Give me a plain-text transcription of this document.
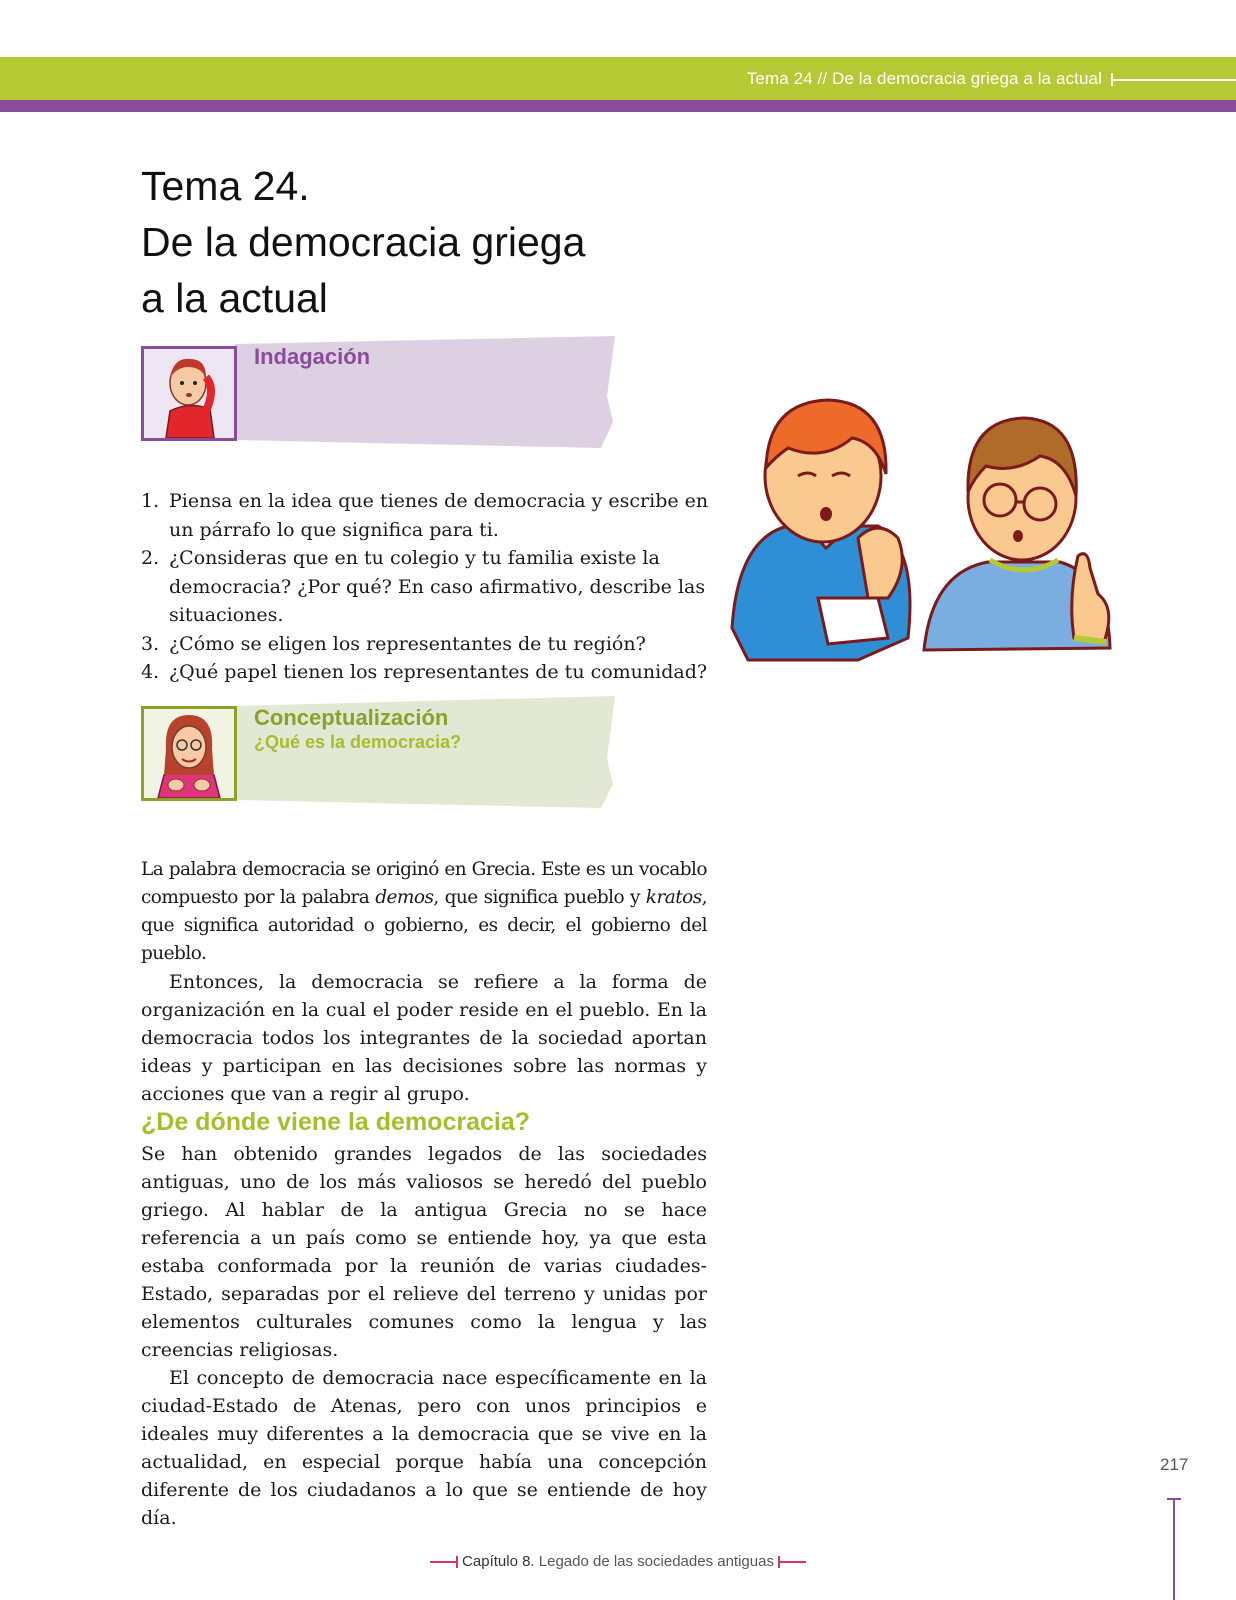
Tema 24 // De la democracia griega a la actual
Tema 24.
De la democracia griega
a la actual
Indagación
1. Piensa en la idea que tienes de democracia y escribe en un párrafo lo que significa para ti.
2. ¿Consideras que en tu colegio y tu familia existe la democracia? ¿Por qué? En caso afirmativo, describe las situaciones.
3. ¿Cómo se eligen los representantes de tu región?
4. ¿Qué papel tienen los representantes de tu comunidad?
Conceptualización
¿Qué es la democracia?

La palabra democracia se originó en Grecia. Este es un vocablo compuesto por la palabra demos, que significa pueblo y kratos, que significa autoridad o gobierno, es decir, el gobierno del pueblo.

Entonces, la democracia se refiere a la forma de organización en la cual el poder reside en el pueblo. En la democracia todos los integrantes de la sociedad aportan ideas y participan en las decisiones sobre las normas y acciones que van a regir al grupo.

¿De dónde viene la democracia?

Se han obtenido grandes legados de las sociedades antiguas, uno de los más valiosos se heredó del pueblo griego. Al hablar de la antigua Grecia no se hace referencia a un país como se entiende hoy, ya que esta estaba conformada por la reunión de varias ciudades-Estado, separadas por el relieve del terreno y unidas por elementos culturales comunes como la lengua y las creencias religiosas.

El concepto de democracia nace específicamente en la ciudad-Estado de Atenas, pero con unos principios e ideales muy diferentes a la democracia que se vive en la actualidad, en especial porque había una concepción diferente de los ciudadanos a lo que se entiende de hoy día.

217
Capítulo 8. Legado de las sociedades antiguas
